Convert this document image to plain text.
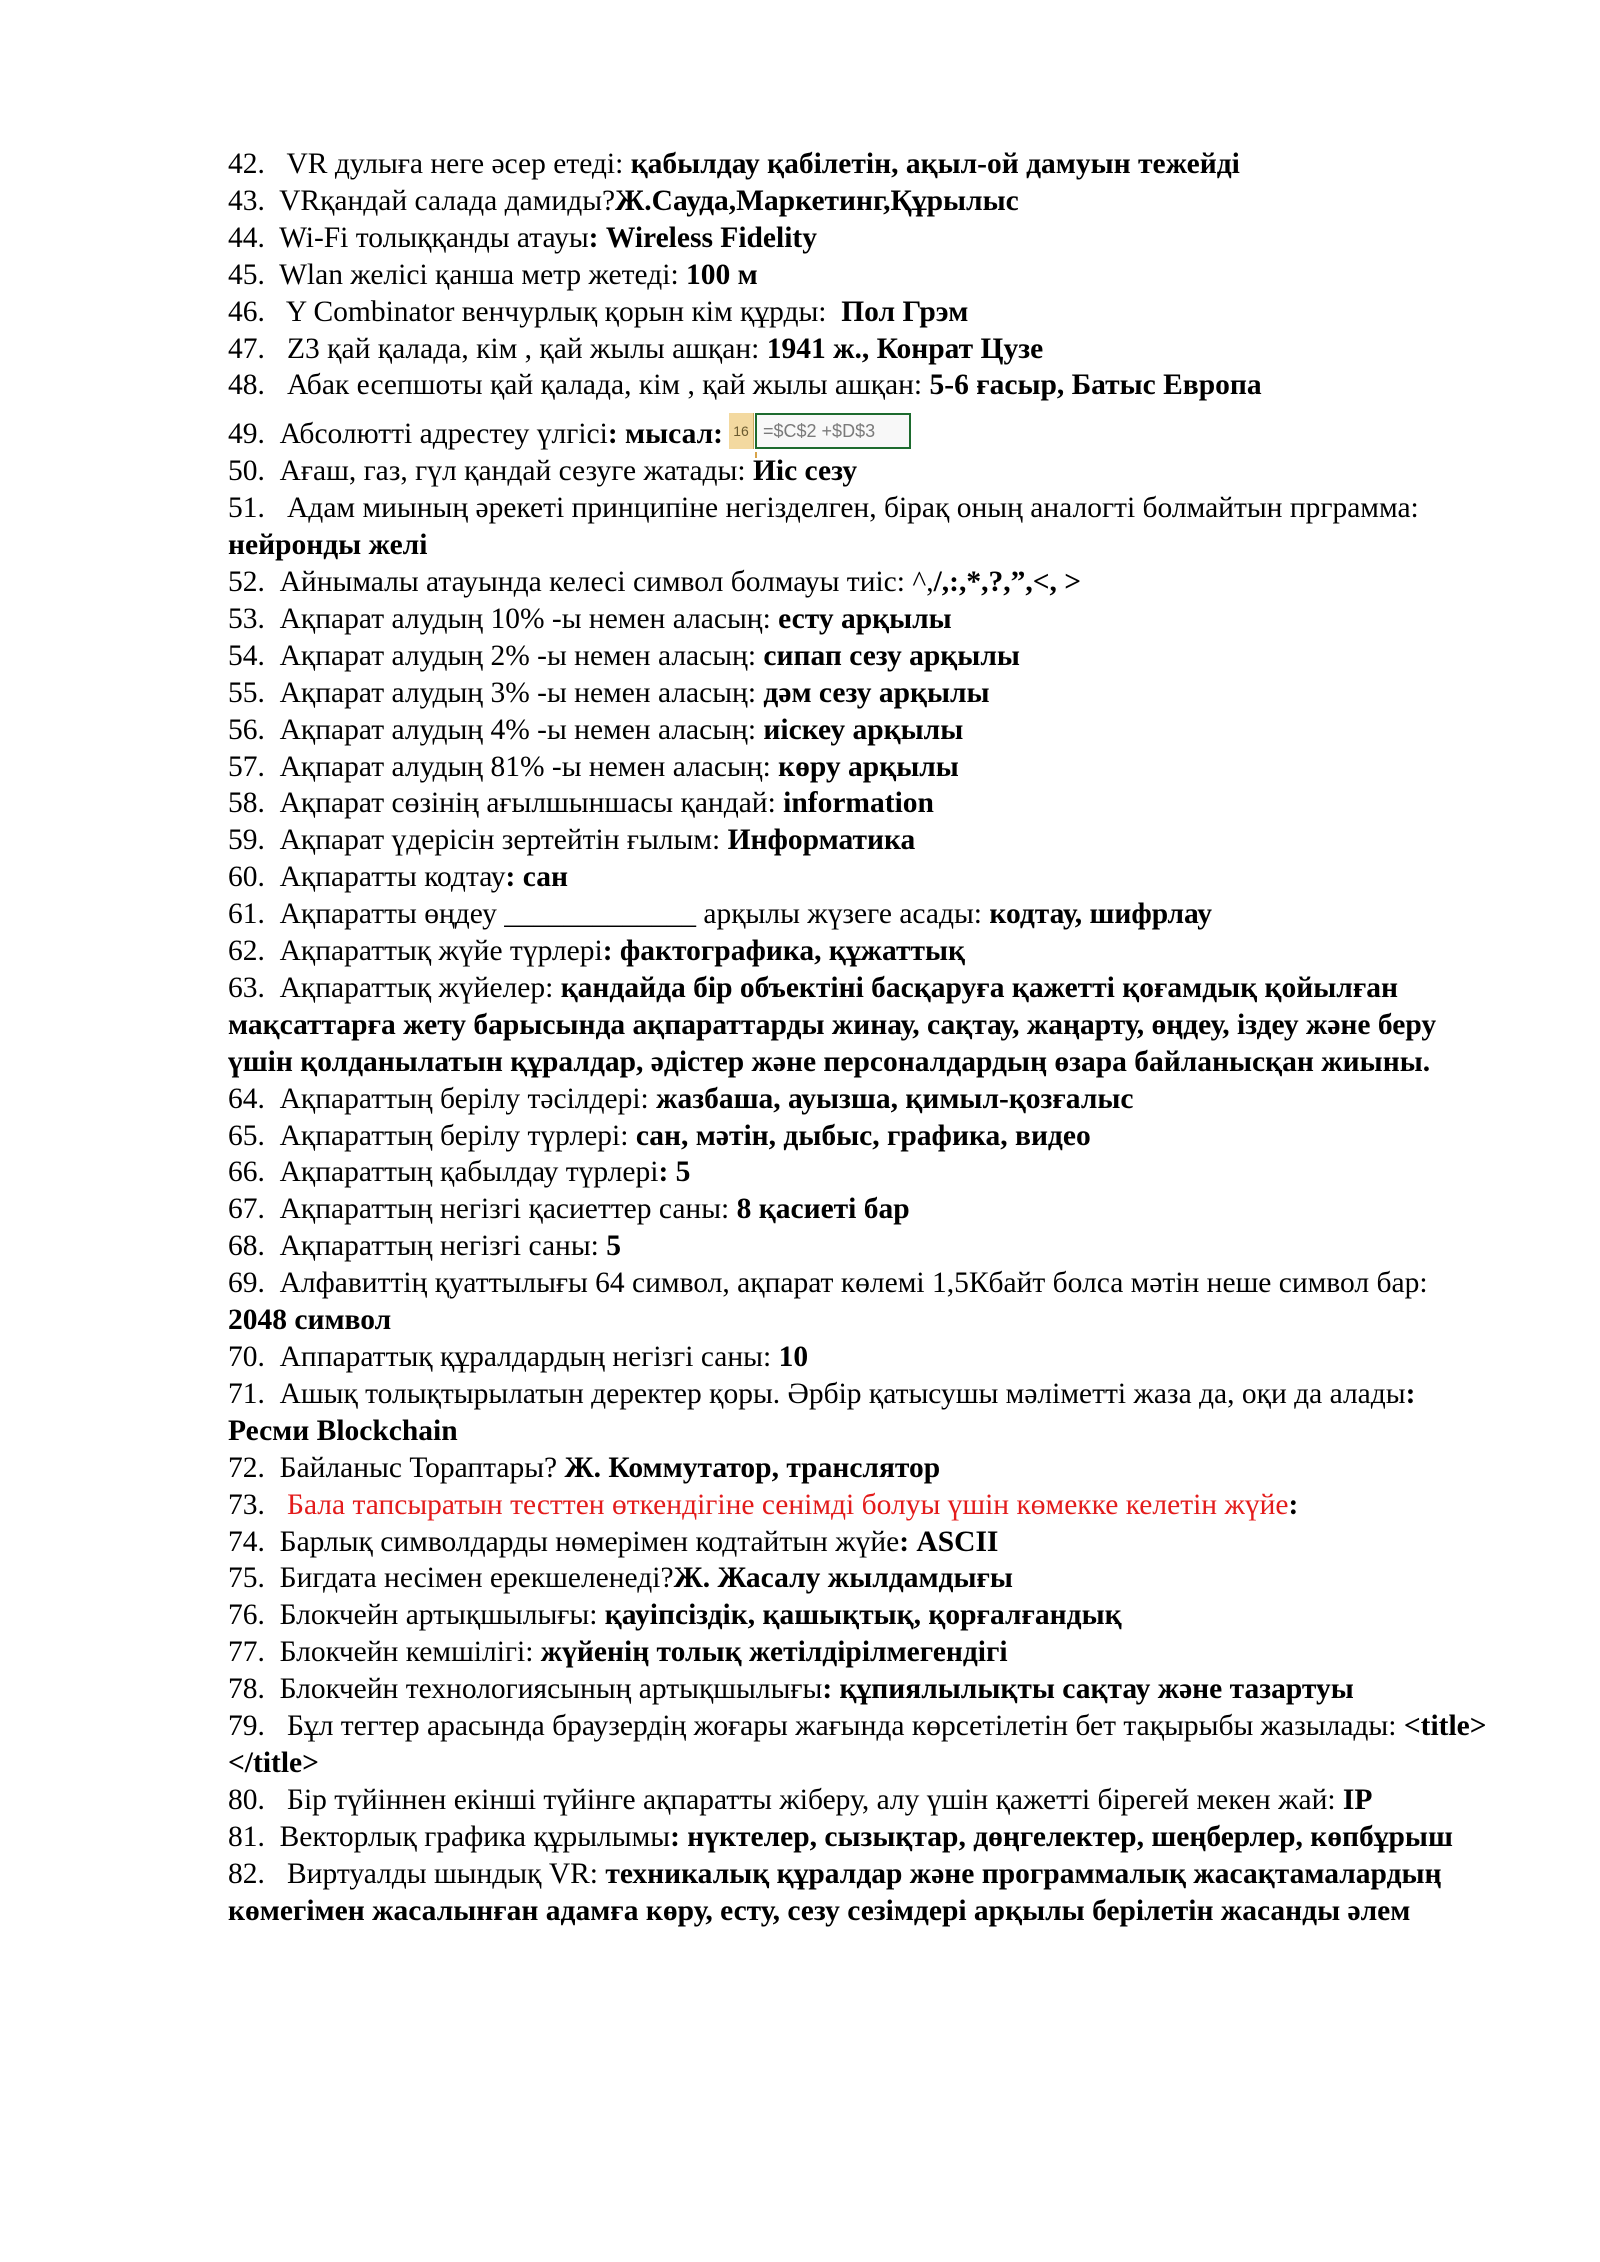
42.   VR дулыға неге әсер етеді: қабылдау қабілетін, ақыл-ой дамуын тежейді
43.  VRқандай салада дамиды?Ж.Сауда,Маркетинг,Құрылыс
44.  Wi-Fi толыққанды атауы: Wireless Fidelity
45.  Wlan желісі қанша метр жетеді: 100 м
46.   Y Combinator венчурлық қорын кім құрды:  Пол Грэм
47.   Z3 қай қалада, кім , қай жылы ашқан: 1941 ж., Конрат Цузе
48.   Абак есепшоты қай қалада, кім , қай жылы ашқан: 5-6 ғасыр, Батыс Европа
49.  Абсолютті адрестеу үлгісі: мысал: 16 =$C$2 +$D$3
50.  Ағаш, газ, гүл қандай сезуге жатады: Иіс сезу
51.   Адам миының әрекеті принципіне негізделген, бірақ оның аналогті болмайтын прграмма: нейронды желі
52.  Айнымалы атауында келесі символ болмауы тиіс: ^,/,:,*,?,”,<, >
53.  Ақпарат алудың 10% -ы немен аласың: есту арқылы
54.  Ақпарат алудың 2% -ы немен аласың: сипап сезу арқылы
55.  Ақпарат алудың 3% -ы немен аласың: дәм сезу арқылы
56.  Ақпарат алудың 4% -ы немен аласың: иіскеу арқылы
57.  Ақпарат алудың 81% -ы немен аласың: көру арқылы
58.  Ақпарат сөзінің ағылшыншасы қандай: information
59.  Ақпарат үдерісін зертейтін ғылым: Информатика
60.  Ақпаратты кодтау: сан
61.  Ақпаратты өңдеу _____________ арқылы жүзеге асады: кодтау, шифрлау
62.  Ақпараттық жүйе түрлері: фактографика, құжаттық
63.  Ақпараттық жүйелер: қандайда бір объектіні басқаруға қажетті қоғамдық қойылған мақсаттарға жету барысында ақпараттарды жинау, сақтау, жаңарту, өңдеу, іздеу және беру үшін қолданылатын құралдар, әдістер және персоналдардың өзара байланысқан жиыны.
64.  Ақпараттың берілу тәсілдері: жазбаша, ауызша, қимыл-қозғалыс
65.  Ақпараттың берілу түрлері: сан, мәтін, дыбыс, графика, видео
66.  Ақпараттың қабылдау түрлері: 5
67.  Ақпараттың негізгі қасиеттер саны: 8 қасиеті бар
68.  Ақпараттың негізгі саны: 5
69.  Алфавиттің қуаттылығы 64 символ, ақпарат көлемі 1,5Кбайт болса мәтін неше символ бар: 2048 символ
70.  Аппараттық құралдардың негізгі саны: 10
71.  Ашық толықтырылатын деректер қоры. Әрбір қатысушы мәліметті жаза да, оқи да алады: Ресми Blockchain
72.  Байланыс Тораптары? Ж. Коммутатор, транслятор
73.   Бала тапсыратын тесттен өткендігіне сенімді болуы үшін көмекке келетін жүйе:
74.  Барлық символдарды нөмерімен кодтайтын жүйе: ASCII
75.  Бигдата несімен ерекшеленеді?Ж. Жасалу жылдамдығы
76.  Блокчейн артықшылығы: қауіпсіздік, қашықтық, қорғалғандық
77.  Блокчейн кемшілігі: жүйенің толық жетілдірілмегендігі
78.  Блокчейн технологиясының артықшылығы: құпиялылықты сақтау және тазартуы
79.   Бұл тегтер арасында браузердің жоғары жағында көрсетілетін бет тақырыбы жазылады: <title></title>
80.   Бір түйіннен екінші түйінге ақпаратты жіберу, алу үшін қажетті бірегей мекен жай: IP
81.  Векторлық графика құрылымы: нүктелер, сызықтар, дөңгелектер, шеңберлер, көпбұрыш
82.   Виртуалды шындық VR: техникалық құралдар және программалық жасақтамалардың көмегімен жасалынған адамға көру, есту, сезу сезімдері арқылы берілетін жасанды әлем
